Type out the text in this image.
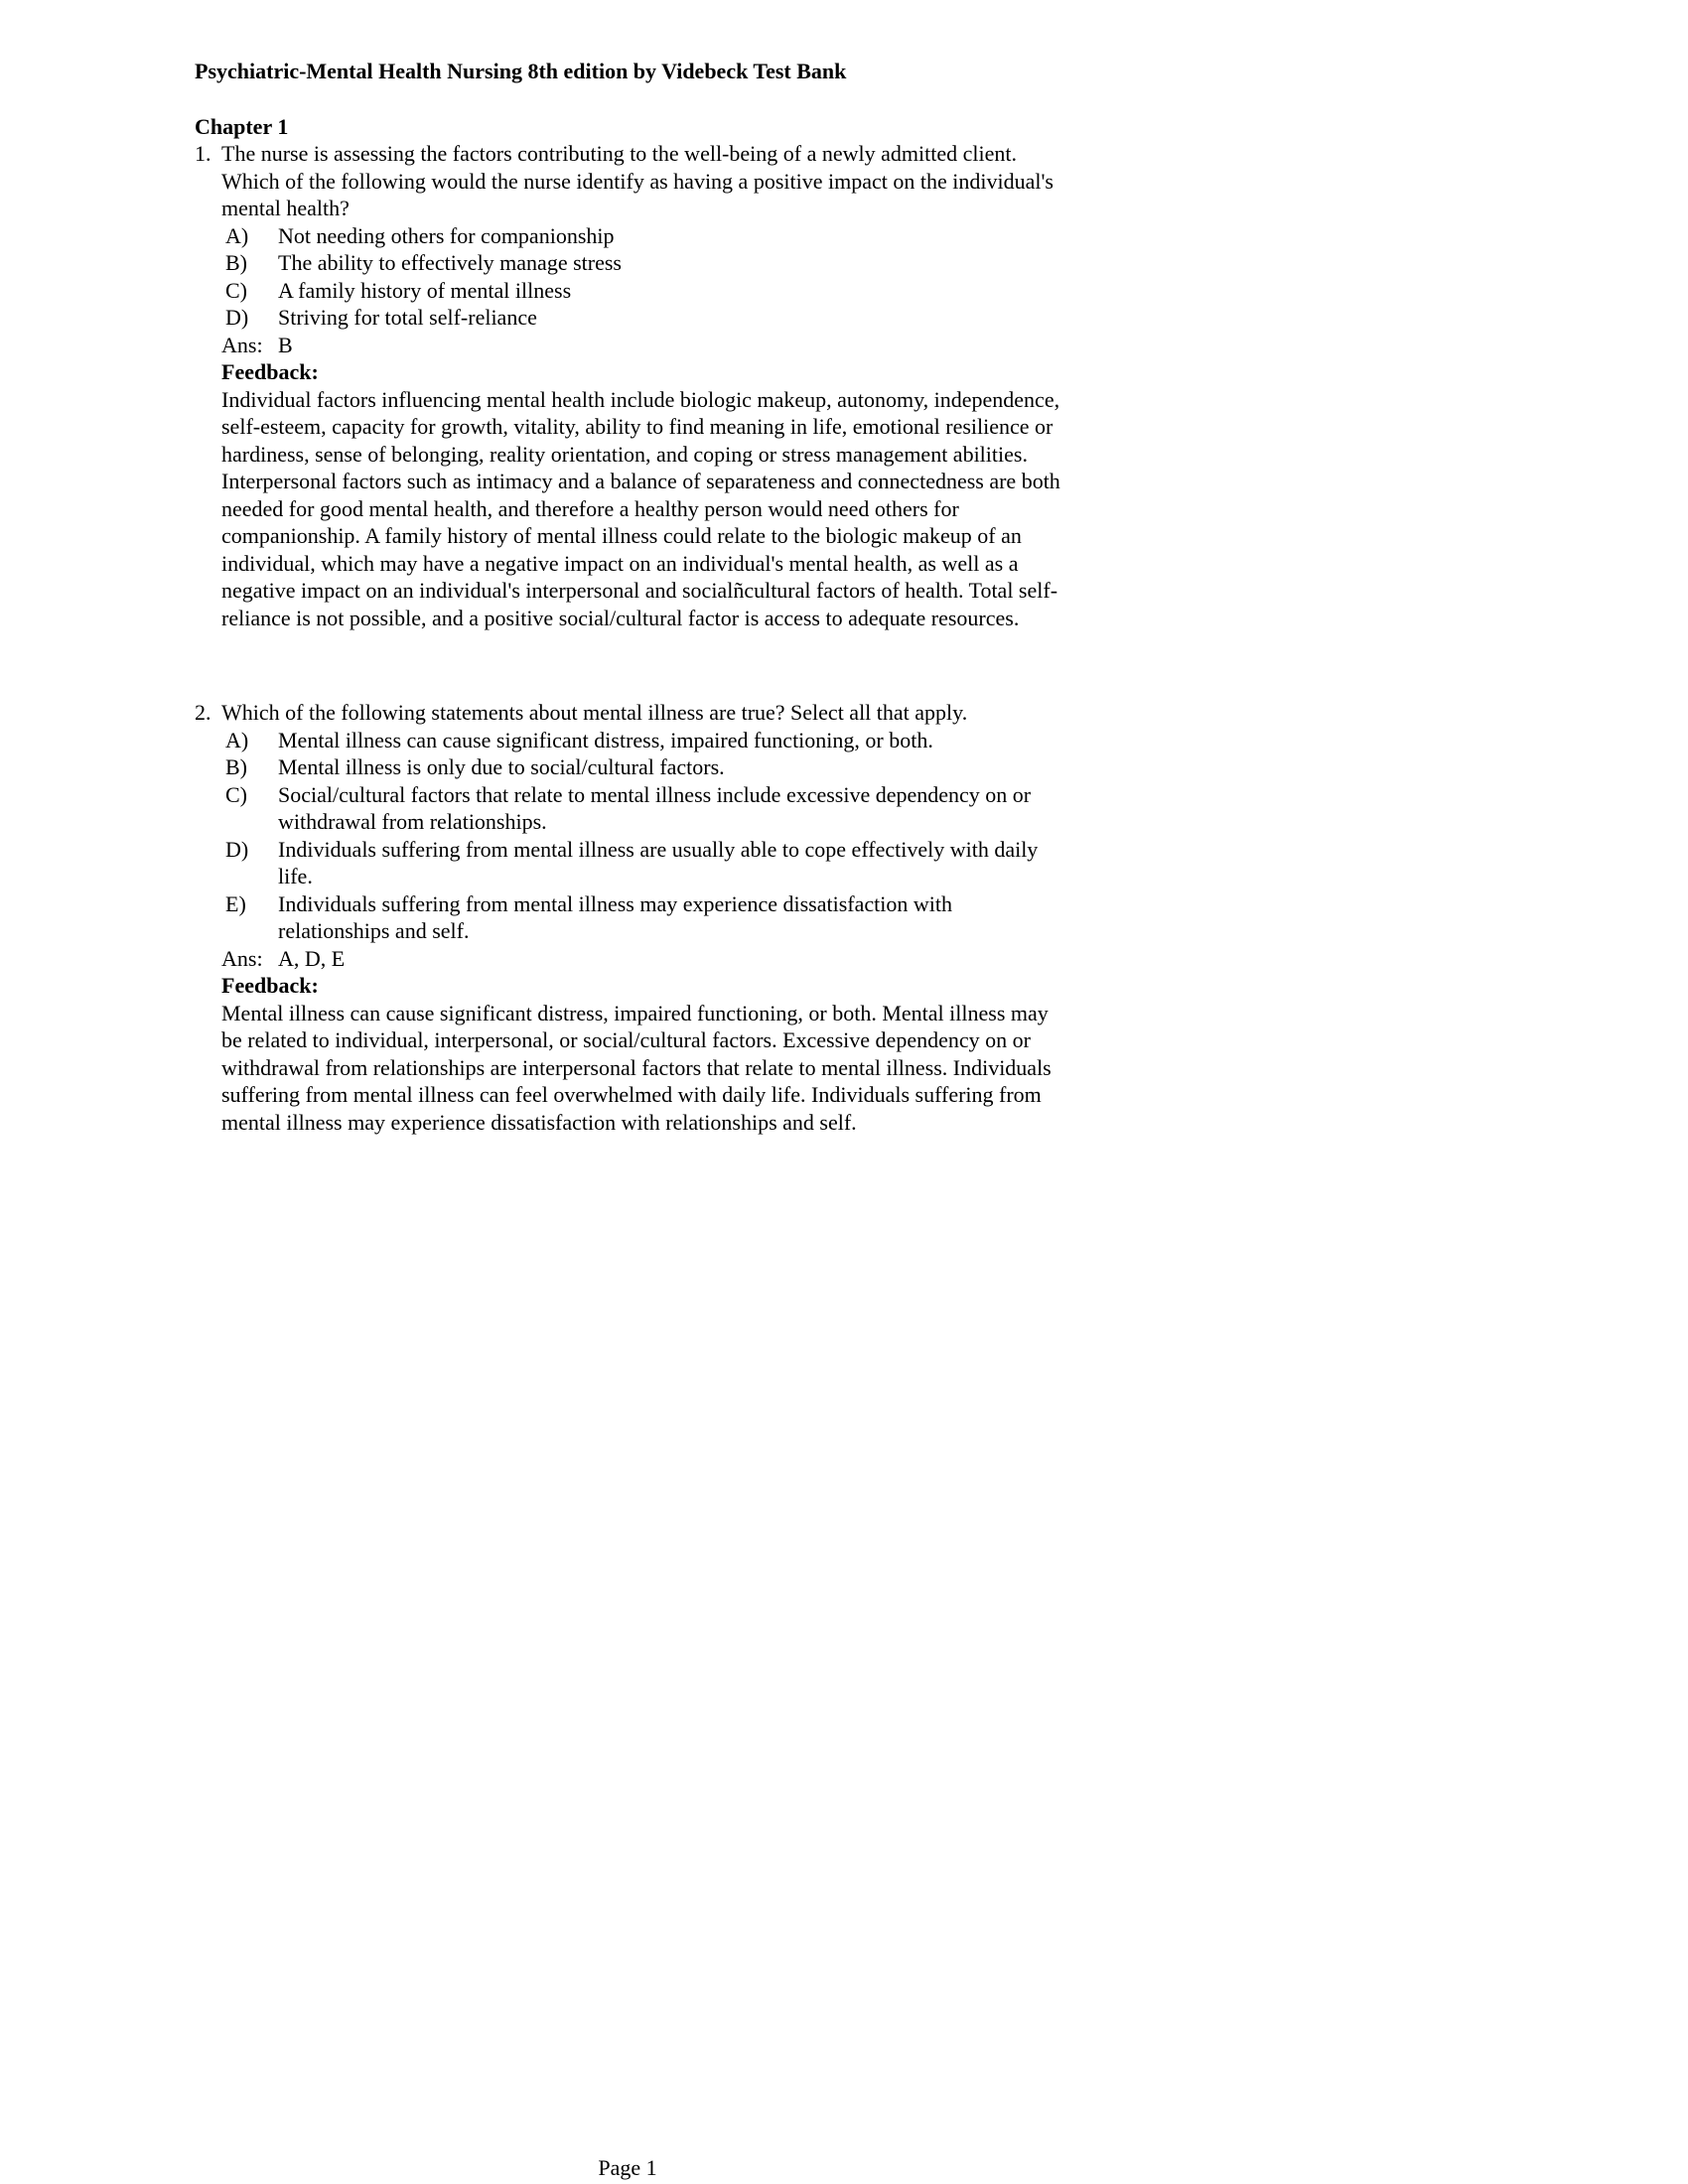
Psychiatric-Mental Health Nursing 8th edition by Videbeck Test Bank
Chapter 1
1. The nurse is assessing the factors contributing to the well-being of a newly admitted client. Which of the following would the nurse identify as having a positive impact on the individual's mental health?
A)	Not needing others for companionship
B)	The ability to effectively manage stress
C)	A family history of mental illness
D)	Striving for total self-reliance
Ans: B
Feedback:
Individual factors influencing mental health include biologic makeup, autonomy, independence, self-esteem, capacity for growth, vitality, ability to find meaning in life, emotional resilience or hardiness, sense of belonging, reality orientation, and coping or stress management abilities. Interpersonal factors such as intimacy and a balance of separateness and connectedness are both needed for good mental health, and therefore a healthy person would need others for companionship. A family history of mental illness could relate to the biologic makeup of an individual, which may have a negative impact on an individual's mental health, as well as a negative impact on an individual's interpersonal and socialñcultural factors of health. Total self-reliance is not possible, and a positive social/cultural factor is access to adequate resources.
2. Which of the following statements about mental illness are true? Select all that apply.
A)	Mental illness can cause significant distress, impaired functioning, or both.
B)	Mental illness is only due to social/cultural factors.
C)	Social/cultural factors that relate to mental illness include excessive dependency on or withdrawal from relationships.
D)	Individuals suffering from mental illness are usually able to cope effectively with daily life.
E)	Individuals suffering from mental illness may experience dissatisfaction with relationships and self.
Ans: A, D, E
Feedback:
Mental illness can cause significant distress, impaired functioning, or both. Mental illness may be related to individual, interpersonal, or social/cultural factors. Excessive dependency on or withdrawal from relationships are interpersonal factors that relate to mental illness. Individuals suffering from mental illness can feel overwhelmed with daily life. Individuals suffering from mental illness may experience dissatisfaction with relationships and self.
Page 1
